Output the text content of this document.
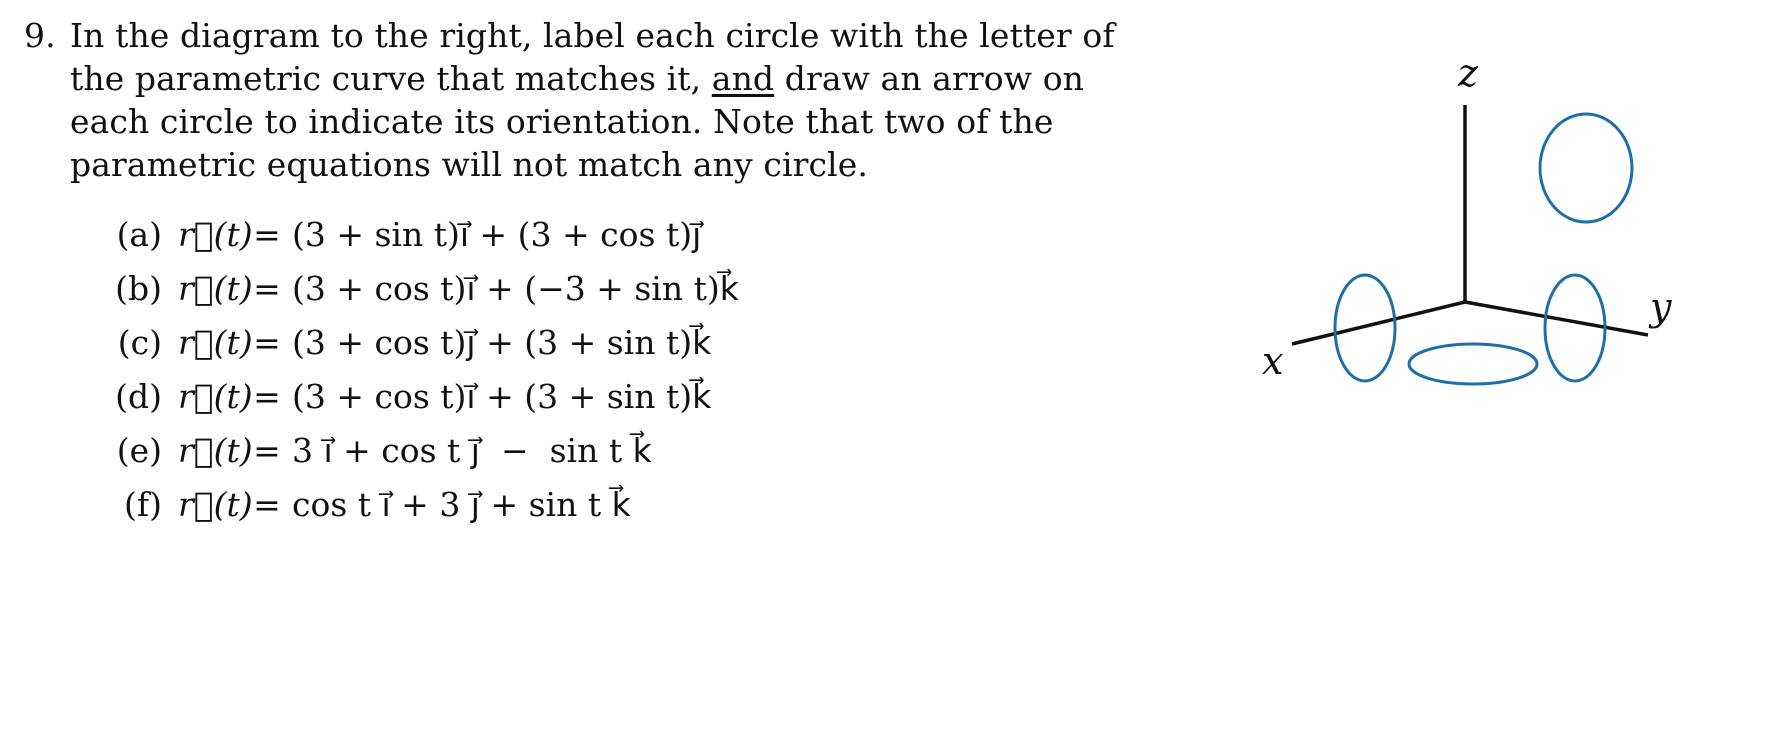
9. In the diagram to the right, label each circle with the letter of the parametric curve that matches it, and draw an arrow on each circle to indicate its orientation. Note that two of the parametric equations will not match any circle.
(a) r⃗(t) = (3 + sin t)i⃗ + (3 + cos t)j⃗
(b) r⃗(t) = (3 + cos t)i⃗ + (−3 + sin t)k⃗
(c) r⃗(t) = (3 + cos t)j⃗ + (3 + sin t)k⃗
(d) r⃗(t) = (3 + cos t)i⃗ + (3 + sin t)k⃗
(e) r⃗(t) = 3 i⃗ + cos t j⃗  −  sin t k⃗
(f) r⃗(t) = cos t i⃗ + 3 j⃗ + sin t k⃗
z
y
x
